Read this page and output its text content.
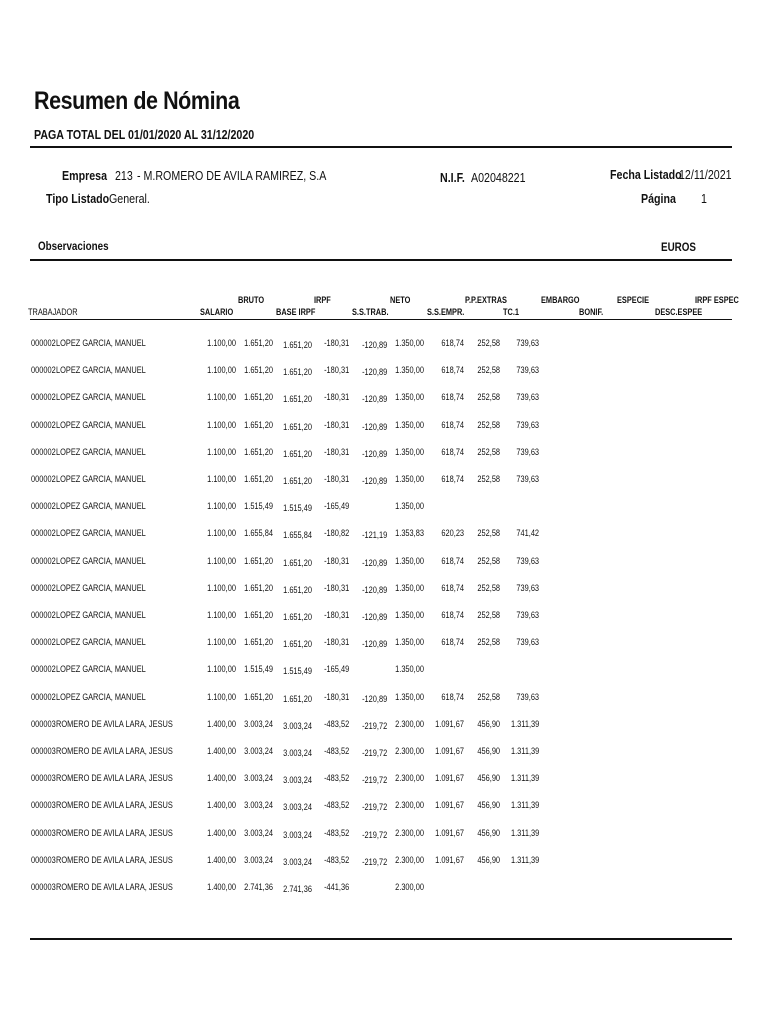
Resumen de Nómina
PAGA TOTAL DEL 01/01/2020 AL 31/12/2020
Empresa 213 - M.ROMERO DE AVILA RAMIREZ, S.A	N.I.F. A02048221	Fecha Listado
12/11/2021
Tipo Listado General.	Página 1
Observaciones	EUROS
BRUTO	IRPF	NETO	P.P.EXTRAS	EMBARGO	ESPECIE	IRPF ESPEC
TRABAJADOR	SALARIO	BASE IRPF	S.S.TRAB.	S.S.EMPR.	TC.1	BONIF.	DESC.ESPEE
000002 LOPEZ GARCIA, MANUEL	1.100,00 1.651,20 1.651,20 -180,31 -120,89 1.350,00 618,74 252,58 739,63
000002 LOPEZ GARCIA, MANUEL	1.100,00 1.651,20 1.651,20 -180,31 -120,89 1.350,00 618,74 252,58 739,63
000002 LOPEZ GARCIA, MANUEL	1.100,00 1.651,20 1.651,20 -180,31 -120,89 1.350,00 618,74 252,58 739,63
000002 LOPEZ GARCIA, MANUEL	1.100,00 1.651,20 1.651,20 -180,31 -120,89 1.350,00 618,74 252,58 739,63
000002 LOPEZ GARCIA, MANUEL	1.100,00 1.651,20 1.651,20 -180,31 -120,89 1.350,00 618,74 252,58 739,63
000002 LOPEZ GARCIA, MANUEL	1.100,00 1.651,20 1.651,20 -180,31 -120,89 1.350,00 618,74 252,58 739,63
000002 LOPEZ GARCIA, MANUEL	1.100,00 1.515,49 1.515,49 -165,49	1.350,00
000002 LOPEZ GARCIA, MANUEL	1.100,00 1.655,84 1.655,84 -180,82 -121,19 1.353,83 620,23 252,58 741,42
000002 LOPEZ GARCIA, MANUEL	1.100,00 1.651,20 1.651,20 -180,31 -120,89 1.350,00 618,74 252,58 739,63
000002 LOPEZ GARCIA, MANUEL	1.100,00 1.651,20 1.651,20 -180,31 -120,89 1.350,00 618,74 252,58 739,63
000002 LOPEZ GARCIA, MANUEL	1.100,00 1.651,20 1.651,20 -180,31 -120,89 1.350,00 618,74 252,58 739,63
000002 LOPEZ GARCIA, MANUEL	1.100,00 1.651,20 1.651,20 -180,31 -120,89 1.350,00 618,74 252,58 739,63
000002 LOPEZ GARCIA, MANUEL	1.100,00 1.515,49 1.515,49 -165,49	1.350,00
000002 LOPEZ GARCIA, MANUEL	1.100,00 1.651,20 1.651,20 -180,31 -120,89 1.350,00 618,74 252,58 739,63
000003 ROMERO DE AVILA LARA, JESUS	1.400,00 3.003,24 3.003,24 -483,52 -219,72 2.300,00 1.091,67 456,90 1.311,39
000003 ROMERO DE AVILA LARA, JESUS	1.400,00 3.003,24 3.003,24 -483,52 -219,72 2.300,00 1.091,67 456,90 1.311,39
000003 ROMERO DE AVILA LARA, JESUS	1.400,00 3.003,24 3.003,24 -483,52 -219,72 2.300,00 1.091,67 456,90 1.311,39
000003 ROMERO DE AVILA LARA, JESUS	1.400,00 3.003,24 3.003,24 -483,52 -219,72 2.300,00 1.091,67 456,90 1.311,39
000003 ROMERO DE AVILA LARA, JESUS	1.400,00 3.003,24 3.003,24 -483,52 -219,72 2.300,00 1.091,67 456,90 1.311,39
000003 ROMERO DE AVILA LARA, JESUS	1.400,00 3.003,24 3.003,24 -483,52 -219,72 2.300,00 1.091,67 456,90 1.311,39
000003 ROMERO DE AVILA LARA, JESUS	1.400,00 2.741,36 2.741,36 -441,36	2.300,00
